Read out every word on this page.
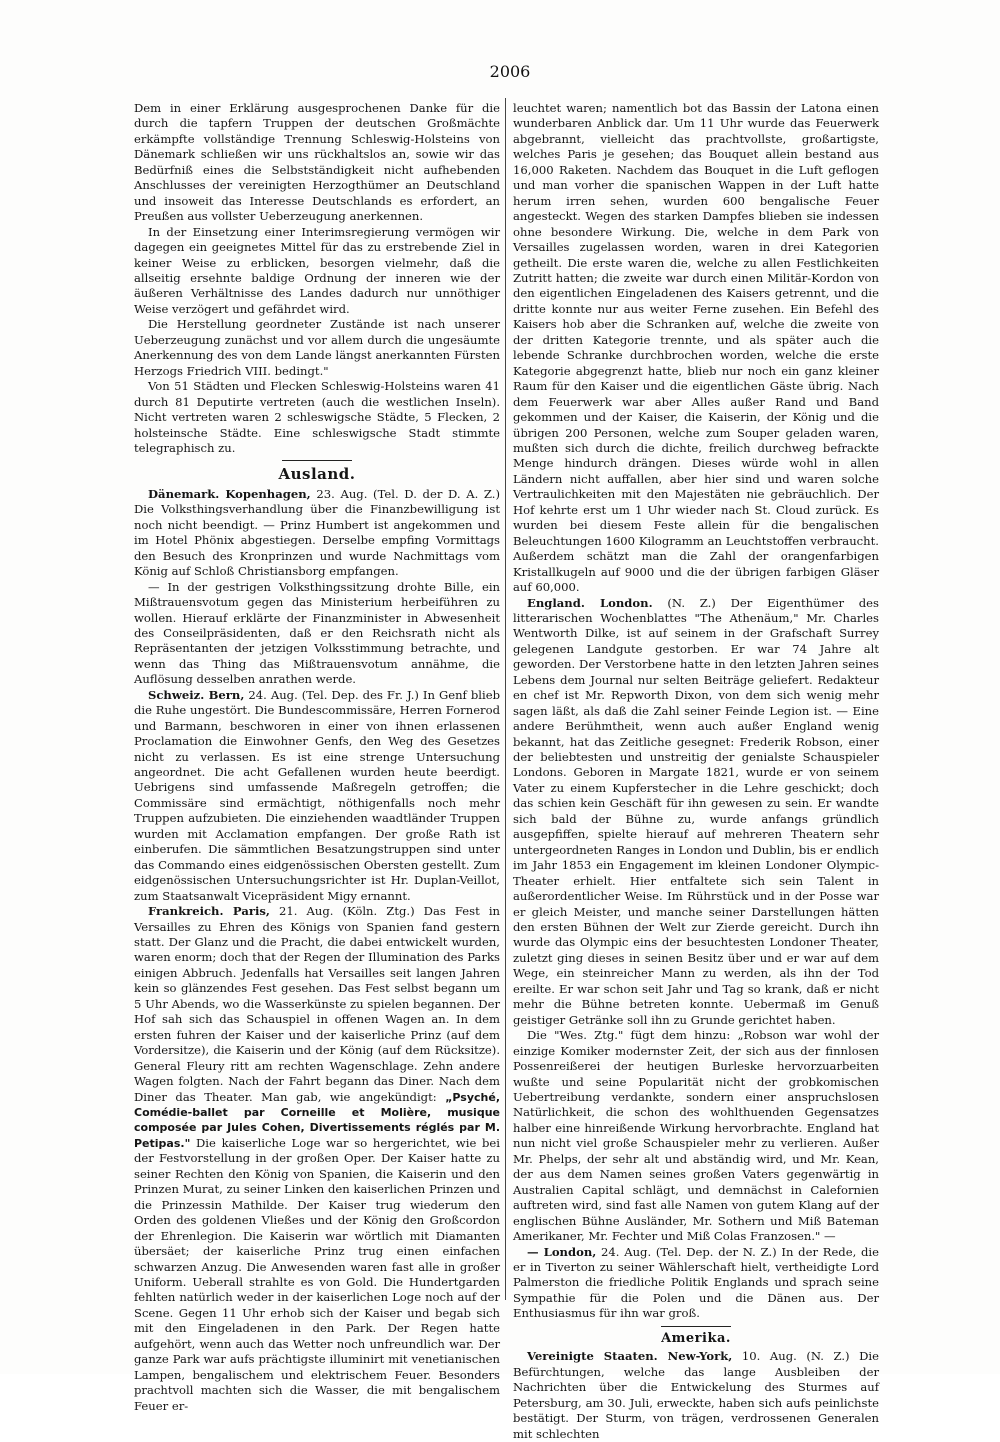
2006

Dem in einer Erklärung ausgesprochenen Danke für die durch die tapfern Truppen der deutschen Großmächte erkämpfte vollständige Trennung Schleswig-Holsteins von Dänemark schließen wir uns rückhaltslos an, sowie wir das Bedürfniß eines die Selbstständigkeit nicht aufhebenden Anschlusses der vereinigten Herzogthümer an Deutschland und insoweit das Interesse Deutschlands es erfordert, an Preußen aus vollster Ueberzeugung anerkennen.

In der Einsetzung einer Interimsregierung vermögen wir dagegen ein geeignetes Mittel für das zu erstrebende Ziel in keiner Weise zu erblicken, besorgen vielmehr, daß die allseitig ersehnte baldige Ordnung der inneren wie der äußeren Verhältnisse des Landes dadurch nur unnöthiger Weise verzögert und gefährdet wird.

Die Herstellung geordneter Zustände ist nach unserer Ueberzeugung zunächst und vor allem durch die ungesäumte Anerkennung des von dem Lande längst anerkannten Fürsten Herzogs Friedrich VIII. bedingt."

Von 51 Städten und Flecken Schleswig-Holsteins waren 41 durch 81 Deputirte vertreten (auch die westlichen Inseln). Nicht vertreten waren 2 schleswigsche Städte, 5 Flecken, 2 holsteinsche Städte. Eine schleswigsche Stadt stimmte telegraphisch zu.

Ausland.

Dänemark. Kopenhagen, 23. Aug. (Tel. D. der D. A. Z.) Die Volksthingsverhandlung über die Finanzbewilligung ist noch nicht beendigt. — Prinz Humbert ist angekommen und im Hotel Phönix abgestiegen. Derselbe empfing Vormittags den Besuch des Kronprinzen und wurde Nachmittags vom König auf Schloß Christiansborg empfangen.

— In der gestrigen Volksthingssitzung drohte Bille, ein Mißtrauensvotum gegen das Ministerium herbeiführen zu wollen. Hierauf erklärte der Finanzminister in Abwesenheit des Conseilpräsidenten, daß er den Reichsrath nicht als Repräsentanten der jetzigen Volksstimmung betrachte, und wenn das Thing das Mißtrauensvotum annähme, die Auflösung desselben anrathen werde.

Schweiz. Bern, 24. Aug. (Tel. Dep. des Fr. J.) In Genf blieb die Ruhe ungestört. Die Bundescommissäre, Herren Fornerod und Barmann, beschworen in einer von ihnen erlassenen Proclamation die Einwohner Genfs, den Weg des Gesetzes nicht zu verlassen. Es ist eine strenge Untersuchung angeordnet. Die acht Gefallenen wurden heute beerdigt. Uebrigens sind umfassende Maßregeln getroffen; die Commissäre sind ermächtigt, nöthigenfalls noch mehr Truppen aufzubieten. Die einziehenden waadtländer Truppen wurden mit Acclamation empfangen. Der große Rath ist einberufen. Die sämmtlichen Besatzungstruppen sind unter das Commando eines eidgenössischen Obersten gestellt. Zum eidgenössischen Untersuchungsrichter ist Hr. Duplan-Veillot, zum Staatsanwalt Vicepräsident Migy ernannt.

Frankreich. Paris, 21. Aug. (Köln. Ztg.) Das Fest in Versailles zu Ehren des Königs von Spanien fand gestern statt. Der Glanz und die Pracht, die dabei entwickelt wurden, waren enorm; doch that der Regen der Illumination des Parks einigen Abbruch. Jedenfalls hat Versailles seit langen Jahren kein so glänzendes Fest gesehen. Das Fest selbst begann um 5 Uhr Abends, wo die Wasserkünste zu spielen begannen. Der Hof sah sich das Schauspiel in offenen Wagen an. In dem ersten fuhren der Kaiser und der kaiserliche Prinz (auf dem Vordersitze), die Kaiserin und der König (auf dem Rücksitze). General Fleury ritt am rechten Wagenschlage. Zehn andere Wagen folgten. Nach der Fahrt begann das Diner. Nach dem Diner das Theater. Man gab, wie angekündigt: „Psyché, Comédie-ballet par Corneille et Molière, musique composée par Jules Cohen, Divertissements réglés par M. Petipas." Die kaiserliche Loge war so hergerichtet, wie bei der Festvorstellung in der großen Oper. Der Kaiser hatte zu seiner Rechten den König von Spanien, die Kaiserin und den Prinzen Murat, zu seiner Linken den kaiserlichen Prinzen und die Prinzessin Mathilde. Der Kaiser trug wiederum den Orden des goldenen Vließes und der König den Großcordon der Ehrenlegion. Die Kaiserin war wörtlich mit Diamanten übersäet; der kaiserliche Prinz trug einen einfachen schwarzen Anzug. Die Anwesenden waren fast alle in großer Uniform. Ueberall strahlte es von Gold. Die Hundertgarden fehlten natürlich weder in der kaiserlichen Loge noch auf der Scene. Gegen 11 Uhr erhob sich der Kaiser und begab sich mit den Eingeladenen in den Park. Der Regen hatte aufgehört, wenn auch das Wetter noch unfreundlich war. Der ganze Park war aufs prächtigste illuminirt mit venetianischen Lampen, bengalischem und elektrischem Feuer. Besonders prachtvoll machten sich die Wasser, die mit bengalischem Feuer er-

leuchtet waren; namentlich bot das Bassin der Latona einen wunderbaren Anblick dar. Um 11 Uhr wurde das Feuerwerk abgebrannt, vielleicht das prachtvollste, großartigste, welches Paris je gesehen; das Bouquet allein bestand aus 16,000 Raketen. Nachdem das Bouquet in die Luft geflogen und man vorher die spanischen Wappen in der Luft hatte herum irren sehen, wurden 600 bengalische Feuer angesteckt. Wegen des starken Dampfes blieben sie indessen ohne besondere Wirkung. Die, welche in dem Park von Versailles zugelassen worden, waren in drei Kategorien getheilt. Die erste waren die, welche zu allen Festlichkeiten Zutritt hatten; die zweite war durch einen Militär-Kordon von den eigentlichen Eingeladenen des Kaisers getrennt, und die dritte konnte nur aus weiter Ferne zusehen. Ein Befehl des Kaisers hob aber die Schranken auf, welche die zweite von der dritten Kategorie trennte, und als später auch die lebende Schranke durchbrochen worden, welche die erste Kategorie abgegrenzt hatte, blieb nur noch ein ganz kleiner Raum für den Kaiser und die eigentlichen Gäste übrig. Nach dem Feuerwerk war aber Alles außer Rand und Band gekommen und der Kaiser, die Kaiserin, der König und die übrigen 200 Personen, welche zum Souper geladen waren, mußten sich durch die dichte, freilich durchweg befrackte Menge hindurch drängen. Dieses würde wohl in allen Ländern nicht auffallen, aber hier sind und waren solche Vertraulichkeiten mit den Majestäten nie gebräuchlich. Der Hof kehrte erst um 1 Uhr wieder nach St. Cloud zurück. Es wurden bei diesem Feste allein für die bengalischen Beleuchtungen 1600 Kilogramm an Leuchtstoffen verbraucht. Außerdem schätzt man die Zahl der orangenfarbigen Kristallkugeln auf 9000 und die der übrigen farbigen Gläser auf 60,000.

England. London. (N. Z.) Der Eigenthümer des litterarischen Wochenblattes "The Athenäum," Mr. Charles Wentworth Dilke, ist auf seinem in der Grafschaft Surrey gelegenen Landgute gestorben. Er war 74 Jahre alt geworden. Der Verstorbene hatte in den letzten Jahren seines Lebens dem Journal nur selten Beiträge geliefert. Redakteur en chef ist Mr. Repworth Dixon, von dem sich wenig mehr sagen läßt, als daß die Zahl seiner Feinde Legion ist. — Eine andere Berühmtheit, wenn auch außer England wenig bekannt, hat das Zeitliche gesegnet: Frederik Robson, einer der beliebtesten und unstreitig der genialste Schauspieler Londons. Geboren in Margate 1821, wurde er von seinem Vater zu einem Kupferstecher in die Lehre geschickt; doch das schien kein Geschäft für ihn gewesen zu sein. Er wandte sich bald der Bühne zu, wurde anfangs gründlich ausgepfiffen, spielte hierauf auf mehreren Theatern sehr untergeordneten Ranges in London und Dublin, bis er endlich im Jahr 1853 ein Engagement im kleinen Londoner Olympic-Theater erhielt. Hier entfaltete sich sein Talent in außerordentlicher Weise. Im Rührstück und in der Posse war er gleich Meister, und manche seiner Darstellungen hätten den ersten Bühnen der Welt zur Zierde gereicht. Durch ihn wurde das Olympic eins der besuchtesten Londoner Theater, zuletzt ging dieses in seinen Besitz über und er war auf dem Wege, ein steinreicher Mann zu werden, als ihn der Tod ereilte. Er war schon seit Jahr und Tag so krank, daß er nicht mehr die Bühne betreten konnte. Uebermaß im Genuß geistiger Getränke soll ihn zu Grunde gerichtet haben.

Die "Wes. Ztg." fügt dem hinzu: „Robson war wohl der einzige Komiker modernster Zeit, der sich aus der finnlosen Possenreißerei der heutigen Burleske hervorzuarbeiten wußte und seine Popularität nicht der grobkomischen Uebertreibung verdankte, sondern einer anspruchslosen Natürlichkeit, die schon des wohlthuenden Gegensatzes halber eine hinreißende Wirkung hervorbrachte. England hat nun nicht viel große Schauspieler mehr zu verlieren. Außer Mr. Phelps, der sehr alt und abständig wird, und Mr. Kean, der aus dem Namen seines großen Vaters gegenwärtig in Australien Capital schlägt, und demnächst in Calefornien auftreten wird, sind fast alle Namen von gutem Klang auf der englischen Bühne Ausländer, Mr. Sothern und Miß Bateman Amerikaner, Mr. Fechter und Miß Colas Franzosen." —

— London, 24. Aug. (Tel. Dep. der N. Z.) In der Rede, die er in Tiverton zu seiner Wählerschaft hielt, vertheidigte Lord Palmerston die friedliche Politik Englands und sprach seine Sympathie für die Polen und die Dänen aus. Der Enthusiasmus für ihn war groß.

Amerika.

Vereinigte Staaten. New-York, 10. Aug. (N. Z.) Die Befürchtungen, welche das lange Ausbleiben der Nachrichten über die Entwickelung des Sturmes auf Petersburg, am 30. Juli, erweckte, haben sich aufs peinlichste bestätigt. Der Sturm, von trägen, verdrossenen Generalen mit schlechten
